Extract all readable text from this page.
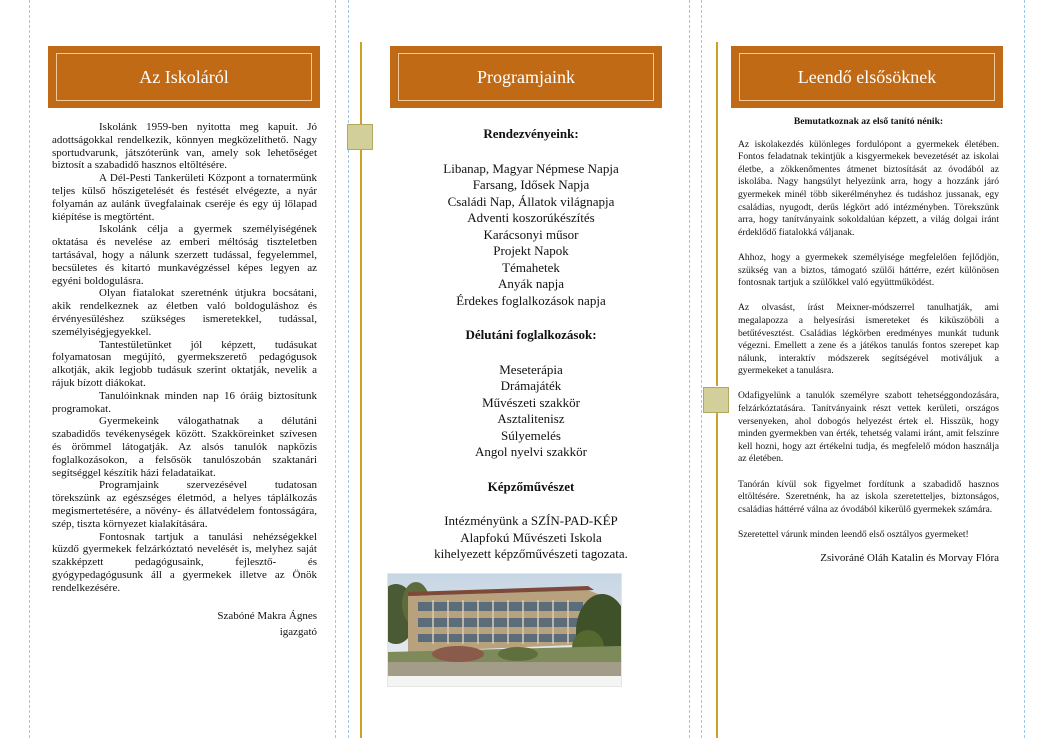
Az Iskoláról

Iskolánk 1959-ben nyitotta meg kapuit. Jó adottságokkal rendelkezik, könnyen megközelíthető. Nagy sportudvarunk, játszóterünk van, amely sok lehetőséget biztosít a szabadidő hasznos eltöltésére.

A Dél-Pesti Tankerületi Központ a tornatermünk teljes külső hőszigetelését és festését elvégezte, a nyár folyamán az aulánk üvegfalainak cseréje és egy új lőlapad kiépítése is megtörtént.

Iskolánk célja a gyermek személyiségének oktatása és nevelése az emberi méltóság tiszteletben tartásával, hogy a nálunk szerzett tudással, fegyelemmel, becsületes és kitartó munkavégzéssel képes legyen az egyéni boldogulásra.

Olyan fiatalokat szeretnénk útjukra bocsátani, akik rendelkeznek az életben való boldoguláshoz és érvényesüléshez szükséges ismeretekkel, tudással, személyiségjegyekkel.

Tantestületünket jól képzett, tudásukat folyamatosan megújító, gyermekszerető pedagógusok alkotják, akik legjobb tudásuk szerint oktatják, nevelik a rájuk bízott diákokat.

Tanulóinknak minden nap 16 óráig biztosítunk programokat.

Gyermekeink válogathatnak a délutáni szabadidős tevékenységek között. Szakköreinket szívesen és örömmel látogatják. Az alsós tanulók napközis foglalkozásokon, a felsősök tanulószobán szaktanári segítséggel készítik házi feladataikat.

Programjaink szervezésével tudatosan törekszünk az egészséges életmód, a helyes táplálkozás megismertetésére, a növény- és állatvédelem fontosságára, szép, tiszta környezet kialakítására.

Fontosnak tartjuk a tanulási nehézségekkel küzdő gyermekek felzárkóztató nevelését is, melyhez saját szakképzett pedagógusaink, fejlesztő- és gyógypedagógusunk áll a gyermekek illetve az Önök rendelkezésére.

Szabóné Makra Ágnes
igazgató
Programjaink
Rendezvényeink:
Libanap, Magyar Népmese Napja
Farsang, Idősek Napja
Családi Nap, Állatok világnapja
Adventi koszorúkészítés
Karácsonyi műsor
Projekt Napok
Témahetek
Anyák napja
Érdekes foglalkozások napja
Délutáni foglalkozások:
Meseterápia
Drámajáték
Művészeti szakkör
Asztalitenisz
Súlyemelés
Angol nyelvi szakkör
Képzőművészet
Intézményünk a SZÍN-PAD-KÉP
Alapfokú Művészeti Iskola
kihelyezett képzőművészeti tagozata.
Leendő elsősöknek

Bemutatkoznak az első tanító nénik:

Az iskolakezdés különleges fordulópont a gyermekek életében. Fontos feladatnak tekintjük a kisgyermekek bevezetését az iskolai életbe, a zökkenőmentes átmenet biztosítását az óvodából az iskolába. Nagy hangsúlyt helyezünk arra, hogy a hozzánk járó gyermekek minél több sikerélményhez és tudáshoz jussanak, egy családias, nyugodt, derűs légkört adó intézményben. Törekszünk arra, hogy tanítványaink sokoldalúan képzett, a világ dolgai iránt érdeklődő fiatalokká váljanak.

Ahhoz, hogy a gyermekek személyisége megfelelően fejlődjön, szükség van a biztos, támogató szülői háttérre, ezért különösen fontosnak tartjuk a szülőkkel való együttműködést.

Az olvasást, írást Meixner-módszerrel tanulhatják, ami megalapozza a helyesírási ismereteket és kiküszöböli a betűtévesztést. Családias légkörben eredményes munkát tudunk végezni. Emellett a zene és a játékos tanulás fontos szerepet kap nálunk, interaktív módszerek segítségével motiváljuk a gyermekeket a tanulásra.

Odafigyelünk a tanulók személyre szabott tehetséggondozására, felzárkóztatására. Tanítványaink részt vettek kerületi, országos versenyeken, ahol dobogós helyezést értek el. Hisszük, hogy minden gyermekben van érték, tehetség valami iránt, amit felszínre kell hozni, hogy azt értékelni tudja, és megfelelő módon használja az életében.

Tanórán kívül sok figyelmet fordítunk a szabadidő hasznos eltöltésére. Szeretnénk, ha az iskola szeretetteljes, biztonságos, családias háttérré válna az óvodából kikerülő gyermekek számára.

Szeretettel várunk minden leendő első osztályos gyermeket!

Zsivoráné Oláh Katalin és Morvay Flóra
